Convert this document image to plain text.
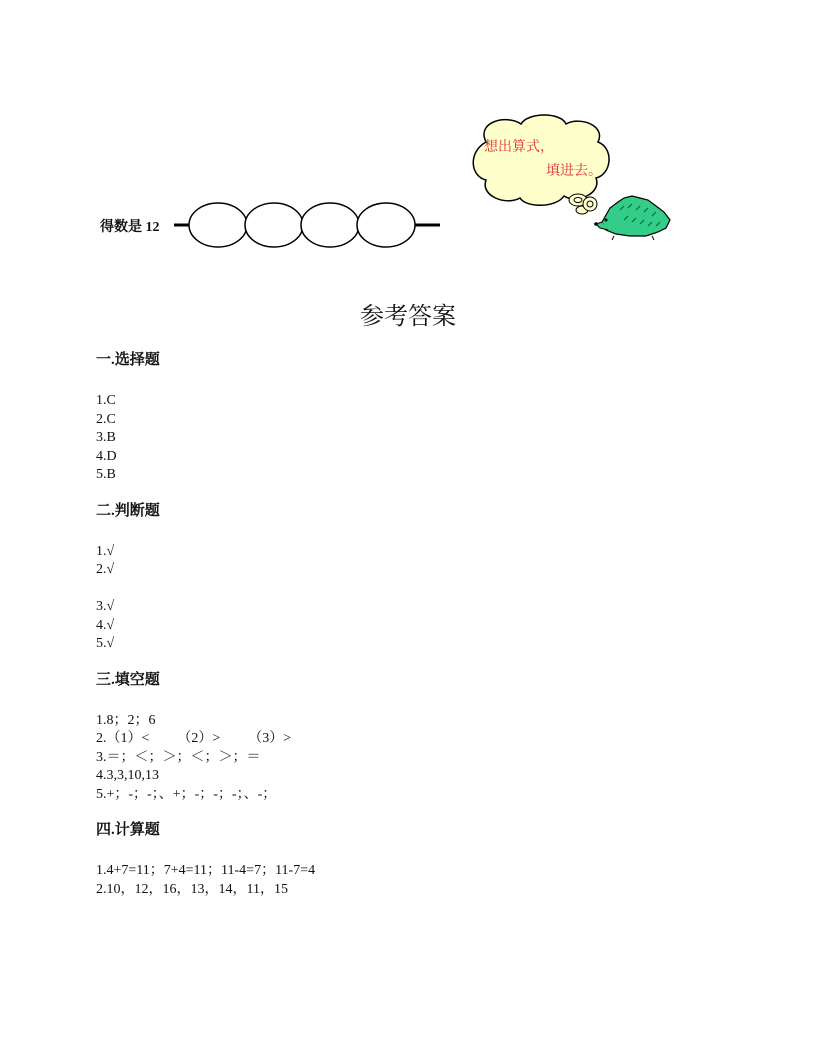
得数是 12
想出算式，
填进去。
参考答案
一.选择题
1.C
2.C
3.B
4.D
5.B
二.判断题
1.√
2.√
3.√
4.√
5.√
三.填空题
1.8；2；6
2.（1）<        （2）>        （3）>
3.＝；＜；＞；＜；＞；＝
4.3,3,10,13
5.+；-；-；、+；-；-；-；、-；
四.计算题
1.4+7=11；7+4=11；11-4=7；11-7=4
2.10，12，16，13，14，11，15
